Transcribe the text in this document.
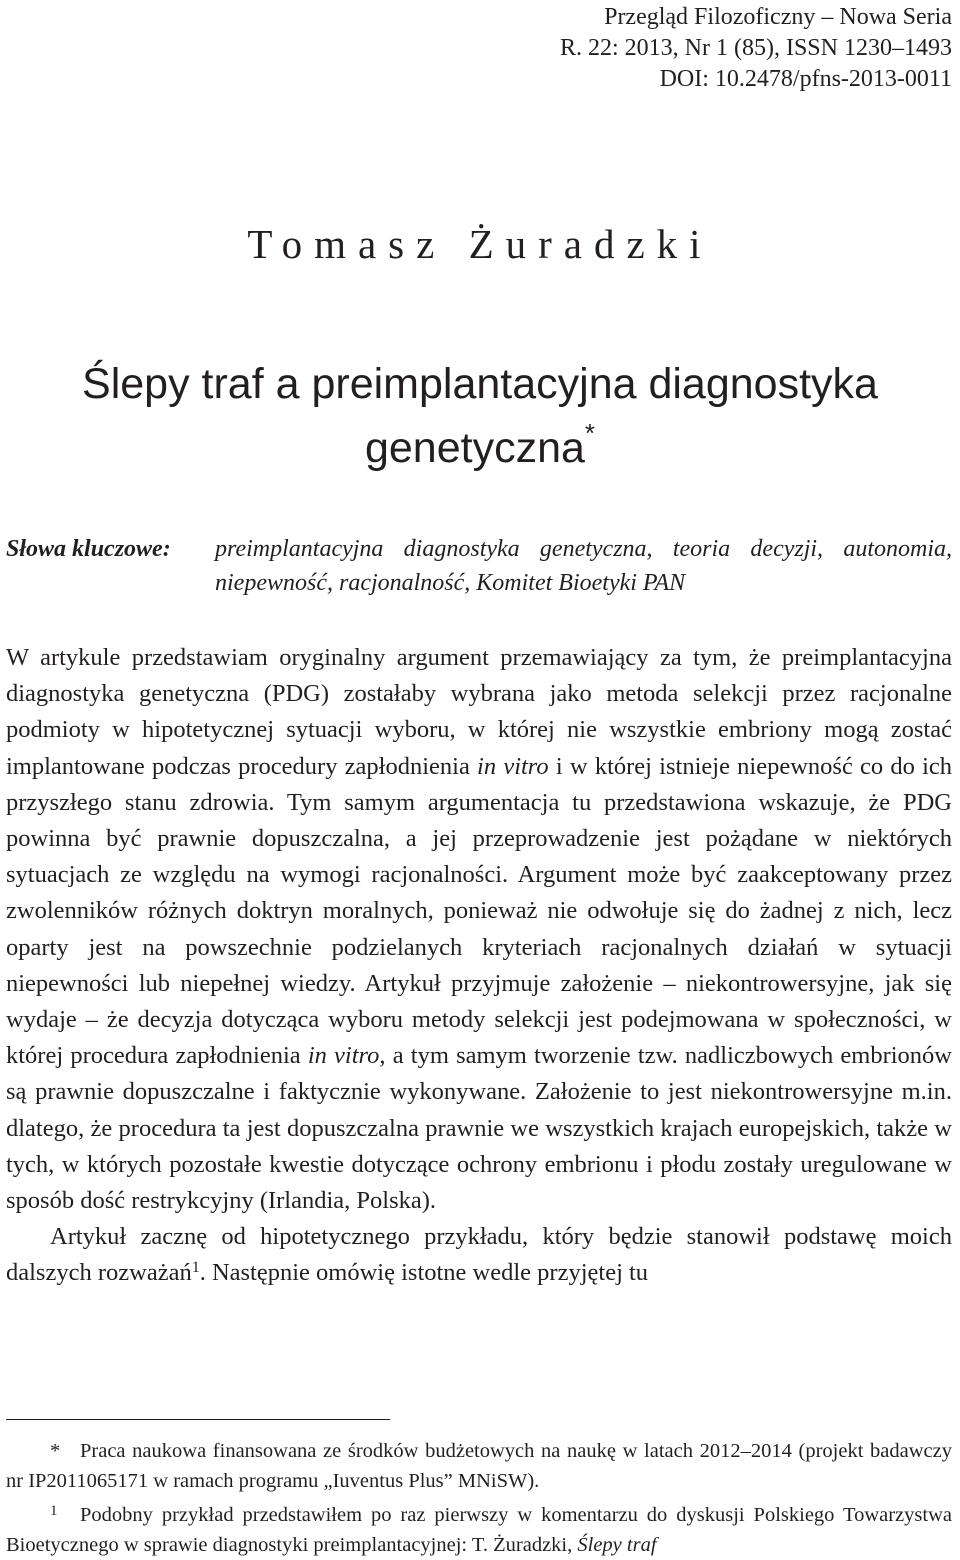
Przegląd Filozoficzny – Nowa Seria
R. 22: 2013, Nr 1 (85), ISSN 1230–1493
DOI: 10.2478/pfns-2013-0011
Tomasz Żuradzki
Ślepy traf a preimplantacyjna diagnostyka
genetyczna*
Słowa kluczowe: preimplantacyjna diagnostyka genetyczna, teoria decyzji, autonomia, niepewność, racjonalność, Komitet Bioetyki PAN

W artykule przedstawiam oryginalny argument przemawiający za tym, że preimplantacyjna diagnostyka genetyczna (PDG) zostałaby wybrana jako metoda selekcji przez racjonalne podmioty w hipotetycznej sytuacji wyboru, w której nie wszystkie embriony mogą zostać implantowane podczas procedury zapłodnienia in vitro i w której istnieje niepewność co do ich przyszłego stanu zdrowia. Tym samym argumentacja tu przedstawiona wskazuje, że PDG powinna być prawnie dopuszczalna, a jej przeprowadzenie jest pożądane w niektórych sytuacjach ze względu na wymogi racjonalności. Argument może być zaakceptowany przez zwolenników różnych doktryn moralnych, ponieważ nie odwołuje się do żadnej z nich, lecz oparty jest na powszechnie podzielanych kryteriach racjonalnych działań w sytuacji niepewności lub niepełnej wiedzy. Artykuł przyjmuje założenie – niekontrowersyjne, jak się wydaje – że decyzja dotycząca wyboru metody selekcji jest podejmowana w społeczności, w której procedura zapłodnienia in vitro, a tym samym tworzenie tzw. nadliczbowych embrionów są prawnie dopuszczalne i faktycznie wykonywane. Założenie to jest niekontrowersyjne m.in. dlatego, że procedura ta jest dopuszczalna prawnie we wszystkich krajach europejskich, także w tych, w których pozostałe kwestie dotyczące ochrony embrionu i płodu zostały uregulowane w sposób dość restrykcyjny (Irlandia, Polska).

Artykuł zacznę od hipotetycznego przykładu, który będzie stanowił podstawę moich dalszych rozważań$^1$. Następnie omówię istotne wedle przyjętej tu

* Praca naukowa finansowana ze środków budżetowych na naukę w latach 2012–2014 (projekt badawczy nr IP2011065171 w ramach programu „Iuventus Plus” MNiSW).

$^1$ Podobny przykład przedstawiłem po raz pierwszy w komentarzu do dyskusji Polskiego Towarzystwa Bioetycznego w sprawie diagnostyki preimplantacyjnej: T. Żuradzki, Ślepy traf
